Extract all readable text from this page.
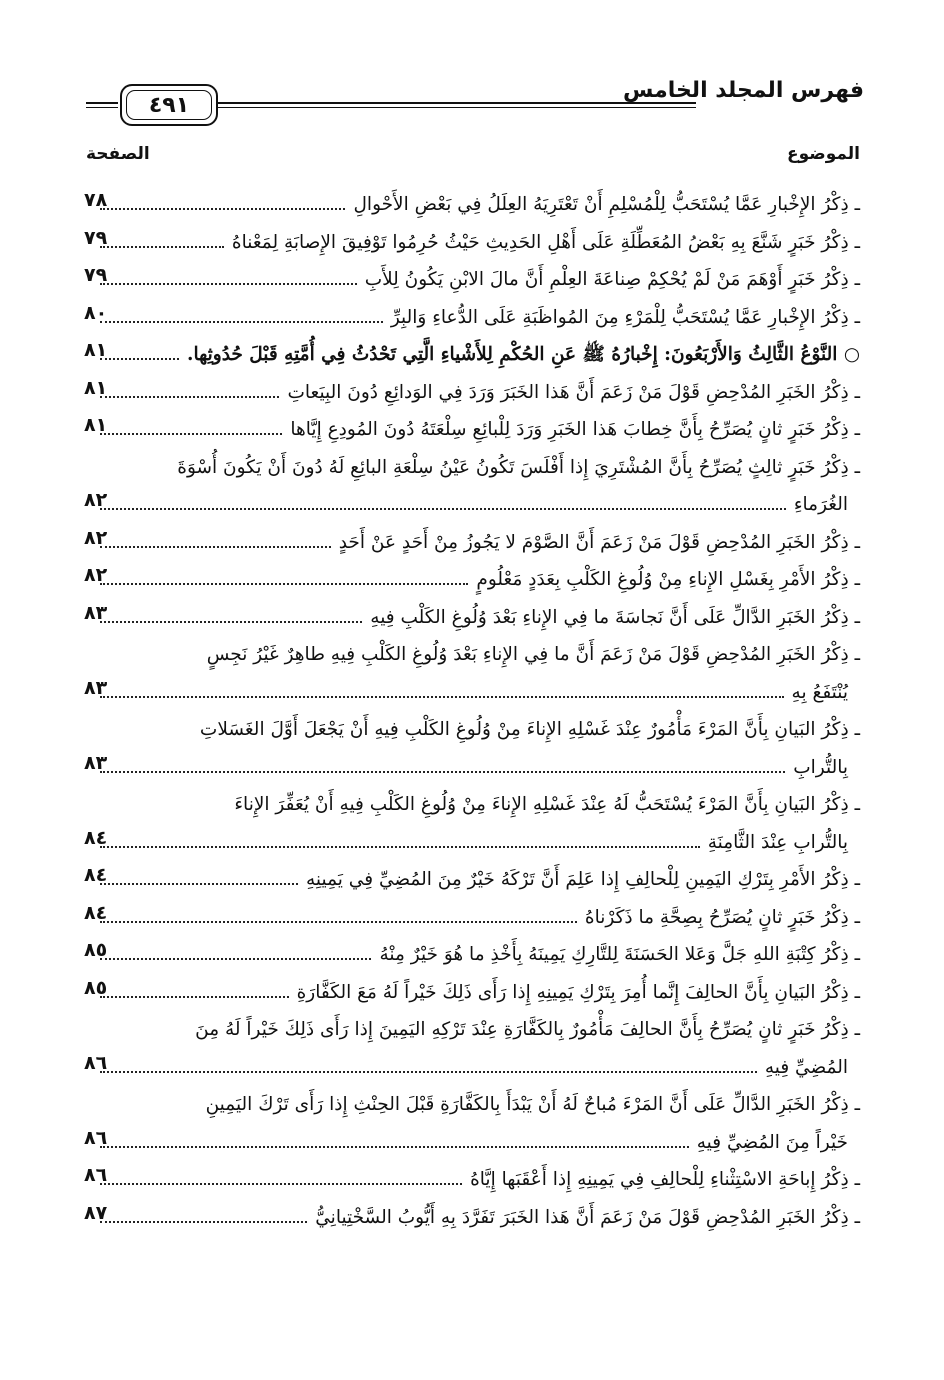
فهرس المجلد الخامس
٤٩١
الموضوع
الصفحة
ـ ذِكْرُ الإِخْبارِ عَمَّا يُسْتَحَبُّ لِلْمُسْلِمِ أَنْ تَعْتَرِيَهُ العِلَلُ فِي بَعْضِ الأَحْوالِ
٧٨
ـ ذِكْرُ خَبَرٍ شَنَّعَ بِهِ بَعْضُ المُعَطِّلَةِ عَلَى أَهْلِ الحَدِيثِ حَيْثُ حُرِمُوا تَوْفِيقَ الإِصابَةِ لِمَعْناهُ
٧٩
ـ ذِكْرُ خَبَرٍ أَوْهَمَ مَنْ لَمْ يُحْكِمْ صِناعَةَ العِلْمِ أَنَّ مالَ الابْنِ يَكُونُ لِلأَبِ
٧٩
ـ ذِكْرُ الإِخْبارِ عَمَّا يُسْتَحَبُّ لِلْمَرْءِ مِنَ المُواظَبَةِ عَلَى الدُّعاءِ وَالبِرِّ
٨٠
○ النَّوْعُ الثَّالِثُ وَالأَرْبَعُونَ: إِخْبارُهُ ﷺ عَنِ الحُكْمِ لِلأَشْياءِ الَّتِي تَحْدُثُ فِي أُمَّتِهِ قَبْلَ حُدُوثِها.
٨١
ـ ذِكْرُ الخَبَرِ المُدْحِضِ قَوْلَ مَنْ زَعَمَ أَنَّ هَذا الخَبَرَ وَرَدَ فِي الوَدائِعِ دُونَ البِيَعاتِ
٨١
ـ ذِكْرُ خَبَرٍ ثانٍ يُصَرِّحُ بِأَنَّ خِطابَ هَذا الخَبَرِ وَرَدَ لِلْبائِعِ سِلْعَتَهُ دُونَ المُودِعِ إِيَّاها
٨١
ـ ذِكْرُ خَبَرٍ ثالِثٍ يُصَرِّحُ بِأَنَّ المُشْتَرِيَ إِذا أَفْلَسَ تَكُونُ عَيْنُ سِلْعَةِ البائِعِ لَهُ دُونَ أَنْ يَكُونَ أُسْوَةَ
الغُرَماءِ
٨٢
ـ ذِكْرُ الخَبَرِ المُدْحِضِ قَوْلَ مَنْ زَعَمَ أَنَّ الصَّوْمَ لا يَجُوزُ مِنْ أَحَدٍ عَنْ أَحَدٍ
٨٢
ـ ذِكْرُ الأَمْرِ بِغَسْلِ الإِناءِ مِنْ وُلُوغِ الكَلْبِ بِعَدَدٍ مَعْلُومٍ
٨٢
ـ ذِكْرُ الخَبَرِ الدَّالِّ عَلَى أَنَّ نَجاسَةَ ما فِي الإِناءِ بَعْدَ وُلُوغِ الكَلْبِ فِيهِ
٨٣
ـ ذِكْرُ الخَبَرِ المُدْحِضِ قَوْلَ مَنْ زَعَمَ أَنَّ ما فِي الإِناءِ بَعْدَ وُلُوغِ الكَلْبِ فِيهِ طاهِرٌ غَيْرُ نَجِسٍ
يُنْتَفَعُ بِهِ
٨٣
ـ ذِكْرُ البَيانِ بِأَنَّ المَرْءَ مَأْمُورٌ عِنْدَ غَسْلِهِ الإِناءَ مِنْ وُلُوغِ الكَلْبِ فِيهِ أَنْ يَجْعَلَ أَوَّلَ الغَسَلاتِ
بِالتُّرابِ
٨٣
ـ ذِكْرُ البَيانِ بِأَنَّ المَرْءَ يُسْتَحَبُّ لَهُ عِنْدَ غَسْلِهِ الإِناءَ مِنْ وُلُوغِ الكَلْبِ فِيهِ أَنْ يُعَفِّرَ الإِناءَ
بِالتُّرابِ عِنْدَ الثَّامِنَةِ
٨٤
ـ ذِكْرُ الأَمْرِ بِتَرْكِ اليَمِينِ لِلْحالِفِ إِذا عَلِمَ أَنَّ تَرْكَهُ خَيْرٌ مِنَ المُضِيِّ فِي يَمِينِهِ
٨٤
ـ ذِكْرُ خَبَرٍ ثانٍ يُصَرِّحُ بِصِحَّةِ ما ذَكَرْناهُ
٨٤
ـ ذِكْرُ كِتْبَةِ اللهِ جَلَّ وَعَلا الحَسَنَةَ لِلتَّارِكِ يَمِينَهُ بِأَخْذِ ما هُوَ خَيْرٌ مِنْهُ
٨٥
ـ ذِكْرُ البَيانِ بِأَنَّ الحالِفَ إِنَّما أُمِرَ بِتَرْكِ يَمِينِهِ إِذا رَأَى ذَلِكَ خَيْراً لَهُ مَعَ الكَفَّارَةِ
٨٥
ـ ذِكْرُ خَبَرٍ ثانٍ يُصَرِّحُ بِأَنَّ الحالِفَ مَأْمُورٌ بِالكَفَّارَةِ عِنْدَ تَرْكِهِ اليَمِينَ إِذا رَأَى ذَلِكَ خَيْراً لَهُ مِنَ
المُضِيِّ فِيهِ
٨٦
ـ ذِكْرُ الخَبَرِ الدَّالِّ عَلَى أَنَّ المَرْءَ مُباحٌ لَهُ أَنْ يَبْدَأَ بِالكَفَّارَةِ قَبْلَ الحِنْثِ إِذا رَأَى تَرْكَ اليَمِينِ
خَيْراً مِنَ المُضِيِّ فِيهِ
٨٦
ـ ذِكْرُ إِباحَةِ الاسْتِثْناءِ لِلْحالِفِ فِي يَمِينِهِ إِذا أَعْقَبَها إِيَّاهُ
٨٦
ـ ذِكْرُ الخَبَرِ المُدْحِضِ قَوْلَ مَنْ زَعَمَ أَنَّ هَذا الخَبَرَ تَفَرَّدَ بِهِ أَيُّوبُ السَّخْتِيانِيُّ
٨٧
